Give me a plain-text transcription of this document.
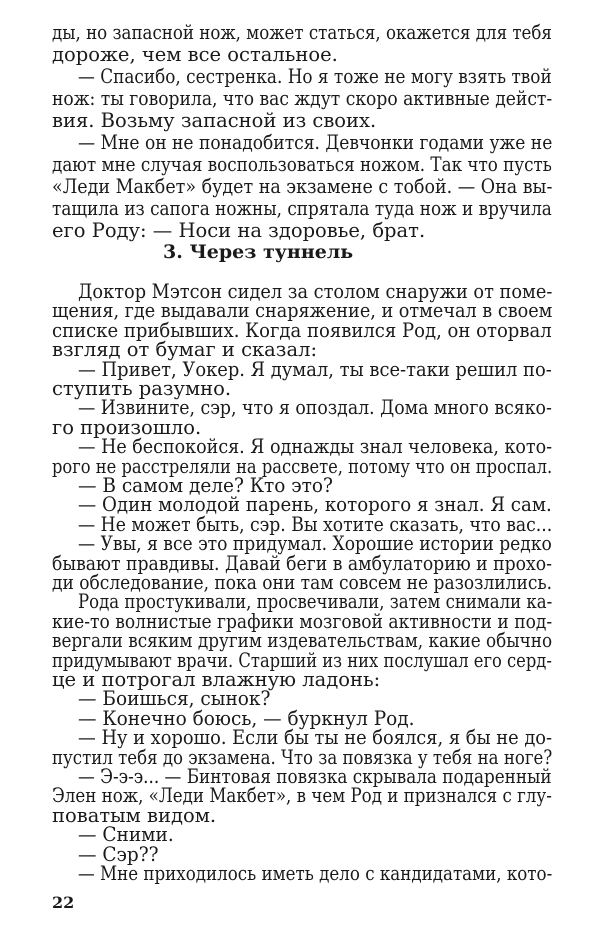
ды, но запасной нож, может статься, окажется для тебя
дороже, чем все остальное.
— Спасибо, сестренка. Но я тоже не могу взять твой
нож: ты говорила, что вас ждут скоро активные дейст-
вия. Возьму запасной из своих.
— Мне он не понадобится. Девчонки годами уже не
дают мне случая воспользоваться ножом. Так что пусть
«Леди Макбет» будет на экзамене с тобой. — Она вы-
тащила из сапога ножны, спрятала туда нож и вручила
его Роду: — Носи на здоровье, брат.
3. Через туннель
Доктор Мэтсон сидел за столом снаружи от поме-
щения, где выдавали снаряжение, и отмечал в своем
списке прибывших. Когда появился Род, он оторвал
взгляд от бумаг и сказал:
— Привет, Уокер. Я думал, ты все-таки решил по-
ступить разумно.
— Извините, сэр, что я опоздал. Дома много всяко-
го произошло.
— Не беспокойся. Я однажды знал человека, кото-
рого не расстреляли на рассвете, потому что он проспал.
— В самом деле? Кто это?
— Один молодой парень, которого я знал. Я сам.
— Не может быть, сэр. Вы хотите сказать, что вас...
— Увы, я все это придумал. Хорошие истории редко
бывают правдивы. Давай беги в амбулаторию и прохо-
ди обследование, пока они там совсем не разозлились.
Рода простукивали, просвечивали, затем снимали ка-
кие-то волнистые графики мозговой активности и под-
вергали всяким другим издевательствам, какие обычно
придумывают врачи. Старший из них послушал его серд-
це и потрогал влажную ладонь:
— Боишься, сынок?
— Конечно боюсь, — буркнул Род.
— Ну и хорошо. Если бы ты не боялся, я бы не до-
пустил тебя до экзамена. Что за повязка у тебя на ноге?
— Э-э-э... — Бинтовая повязка скрывала подаренный
Элен нож, «Леди Макбет», в чем Род и признался с глу-
поватым видом.
— Сними.
— Сэр??
— Мне приходилось иметь дело с кандидатами, кото-
22
